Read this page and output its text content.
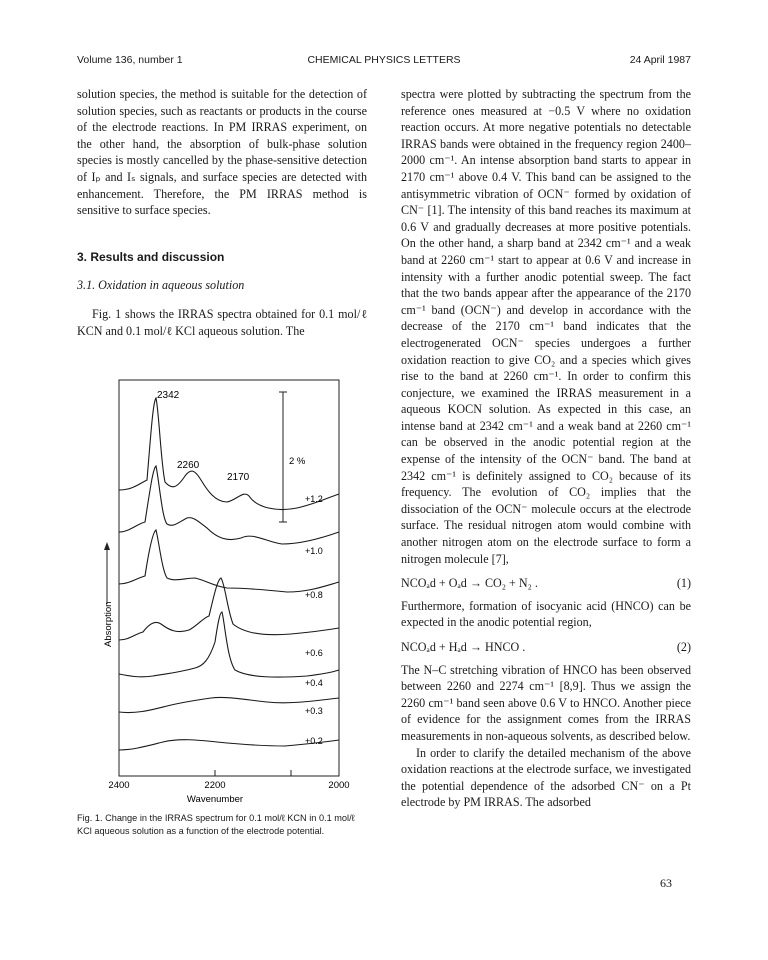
Volume 136, number 1	CHEMICAL PHYSICS LETTERS	24 April 1987

solution species, the method is suitable for the detection of solution species, such as reactants or products in the course of the electrode reactions. In PM IRRAS experiment, on the other hand, the absorption of bulk-phase solution species is mostly cancelled by the phase-sensitive detection of Iₚ and Iₛ signals, and surface species are detected with enhancement. Therefore, the PM IRRAS method is sensitive to surface species.

3. Results and discussion

3.1. Oxidation in aqueous solution

Fig. 1 shows the IRRAS spectra obtained for 0.1 mol/ℓ KCN and 0.1 mol/ℓ KCl aqueous solution. The

2 %
2342
2260
2170
+1.2
+1.0
+0.8
+0.6
+0.4
+0.3
+0.2
Absorption
2400	2200	2000
Wavenumber
Fig. 1. Change in the IRRAS spectrum for 0.1 mol/ℓ KCN in 0.1 mol/ℓ KCl aqueous solution as a function of the electrode potential.

spectra were plotted by subtracting the spectrum from the reference ones measured at −0.5 V where no oxidation reaction occurs. At more negative potentials no detectable IRRAS bands were obtained in the frequency region 2400–2000 cm⁻¹. An intense absorption band starts to appear in 2170 cm⁻¹ above 0.4 V. This band can be assigned to the antisymmetric vibration of OCN⁻ formed by oxidation of CN⁻ [1]. The intensity of this band reaches its maximum at 0.6 V and gradually decreases at more positive potentials. On the other hand, a sharp band at 2342 cm⁻¹ and a weak band at 2260 cm⁻¹ start to appear at 0.6 V and increase in intensity with a further anodic potential sweep. The fact that the two bands appear after the appearance of the 2170 cm⁻¹ band (OCN⁻) and develop in accordance with the decrease of the 2170 cm⁻¹ band indicates that the electrogenerated OCN⁻ species undergoes a further oxidation reaction to give CO₂ and a species which gives rise to the band at 2260 cm⁻¹. In order to confirm this conjecture, we examined the IRRAS measurement in a aqueous KOCN solution. As expected in this case, an intense band at 2342 cm⁻¹ and a weak band at 2260 cm⁻¹ can be observed in the anodic potential region at the expense of the intensity of the OCN⁻ band. The band at 2342 cm⁻¹ is definitely assigned to CO₂ because of its frequency. The evolution of CO₂ implies that the dissociation of the OCN⁻ molecule occurs at the electrode surface. The residual nitrogen atom would combine with another nitrogen atom on the electrode surface to form a nitrogen molecule [7],

NCOₐd + Oₐd → CO₂ + N₂ .	(1)

Furthermore, formation of isocyanic acid (HNCO) can be expected in the anodic potential region,

NCOₐd + Hₐd → HNCO .	(2)

The N–C stretching vibration of HNCO has been observed between 2260 and 2274 cm⁻¹ [8,9]. Thus we assign the 2260 cm⁻¹ band seen above 0.6 V to HNCO. Another piece of evidence for the assignment comes from the IRRAS measurements in non-aqueous solvents, as described below.

In order to clarify the detailed mechanism of the above oxidation reactions at the electrode surface, we investigated the potential dependence of the adsorbed CN⁻ on a Pt electrode by PM IRRAS. The adsorbed

63
